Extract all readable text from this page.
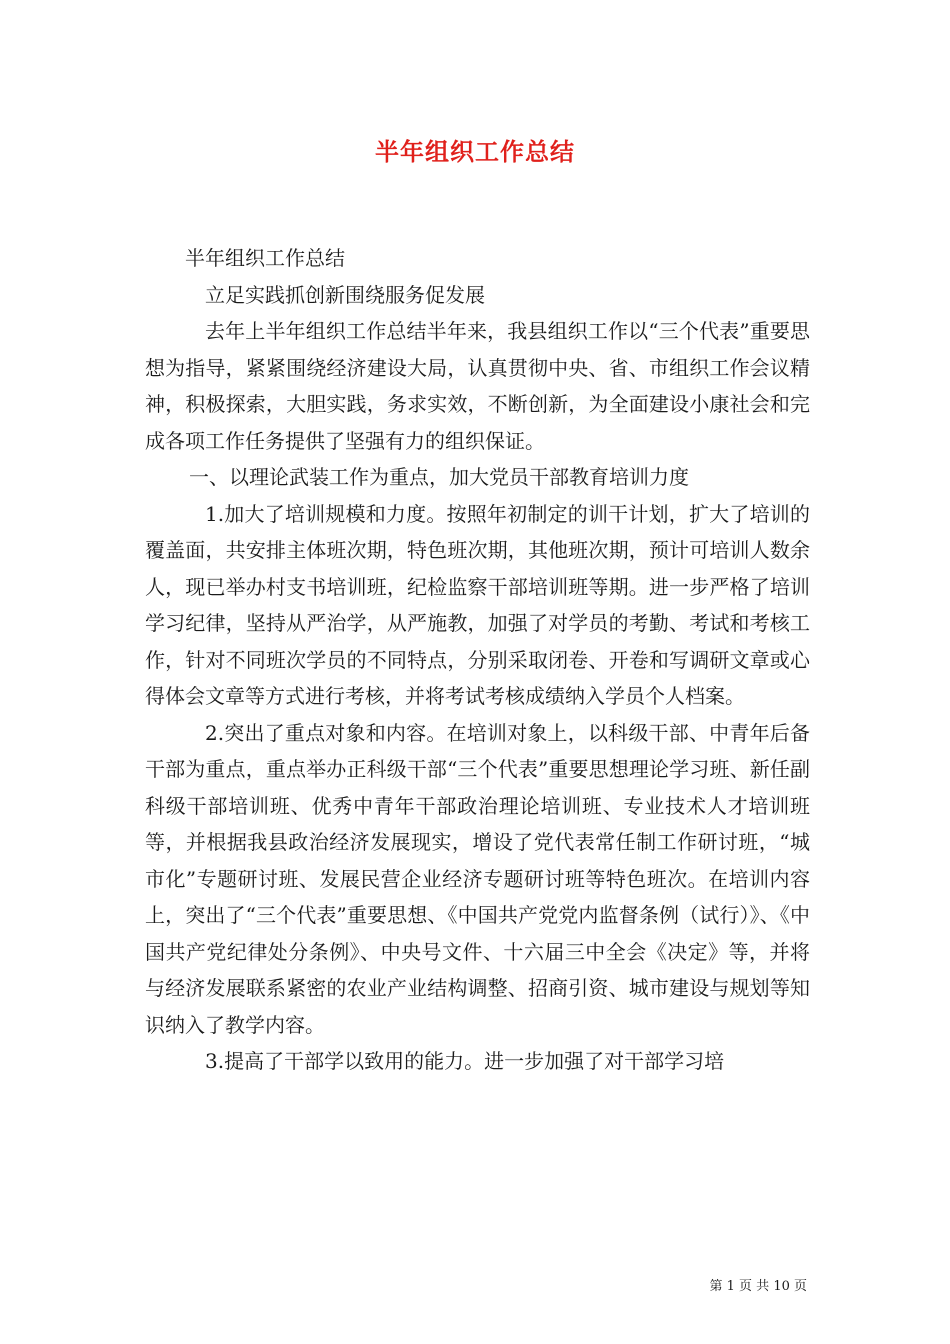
半年组织工作总结

半年组织工作总结

立足实践抓创新围绕服务促发展

去年上半年组织工作总结半年来，我县组织工作以“三个代表”重要思想为指导，紧紧围绕经济建设大局，认真贯彻中央、省、市组织工作会议精神，积极探索，大胆实践，务求实效，不断创新，为全面建设小康社会和完成各项工作任务提供了坚强有力的组织保证。

一、以理论武装工作为重点，加大党员干部教育培训力度

1.加大了培训规模和力度。按照年初制定的训干计划，扩大了培训的覆盖面，共安排主体班次期，特色班次期，其他班次期，预计可培训人数余人，现已举办村支书培训班，纪检监察干部培训班等期。进一步严格了培训学习纪律，坚持从严治学，从严施教，加强了对学员的考勤、考试和考核工作，针对不同班次学员的不同特点，分别采取闭卷、开卷和写调研文章或心得体会文章等方式进行考核，并将考试考核成绩纳入学员个人档案。

2.突出了重点对象和内容。在培训对象上，以科级干部、中青年后备干部为重点，重点举办正科级干部“三个代表”重要思想理论学习班、新任副科级干部培训班、优秀中青年干部政治理论培训班、专业技术人才培训班等，并根据我县政治经济发展现实，增设了党代表常任制工作研讨班，“城市化”专题研讨班、发展民营企业经济专题研讨班等特色班次。在培训内容上，突出了“三个代表”重要思想、《中国共产党党内监督条例（试行）》、《中国共产党纪律处分条例》、中央号文件、十六届三中全会《决定》等，并将与经济发展联系紧密的农业产业结构调整、招商引资、城市建设与规划等知识纳入了教学内容。

3.提高了干部学以致用的能力。进一步加强了对干部学习培

第 1 页 共 10 页
